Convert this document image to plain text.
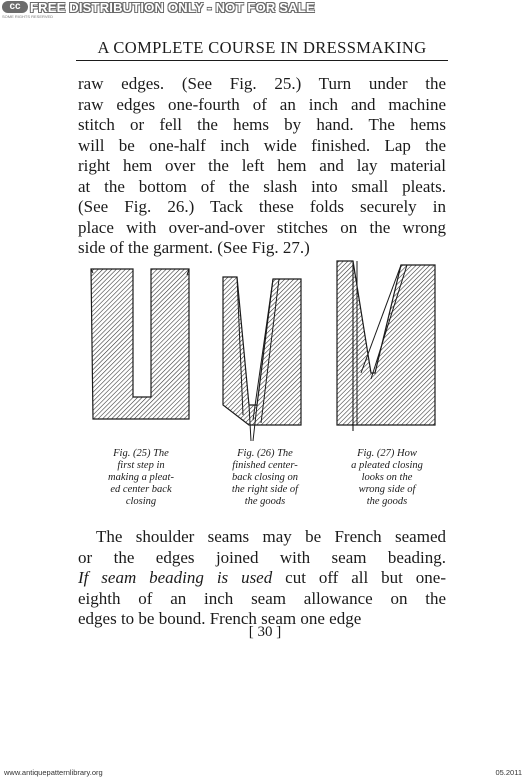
cc
SOME RIGHTS RESERVED
FREE DISTRIBUTION ONLY - NOT FOR SALE
A COMPLETE COURSE IN DRESSMAKING

raw edges. (See Fig. 25.) Turn under the
raw edges one-fourth of an inch and machine
stitch or fell the hems by hand. The hems
will be one-half inch wide finished. Lap the
right hem over the left hem and lay material
at the bottom of the slash into small pleats.
(See Fig. 26.) Tack these folds securely in
place with over-and-over stitches on the wrong
side of the garment. (See Fig. 27.)

Fig. (25) The
first step in
making a pleat-
ed center back
closing
Fig. (26) The
finished center-
back closing on
the right side of
the goods
Fig. (27) How
a pleated closing
looks on the
wrong side of
the goods

The shoulder seams may be French seamed
or the edges joined with seam beading.
If seam beading is used cut off all but one-
eighth of an inch seam allowance on the
edges to be bound. French seam one edge

[ 30 ]
www.antiquepatternlibrary.org	05.2011
